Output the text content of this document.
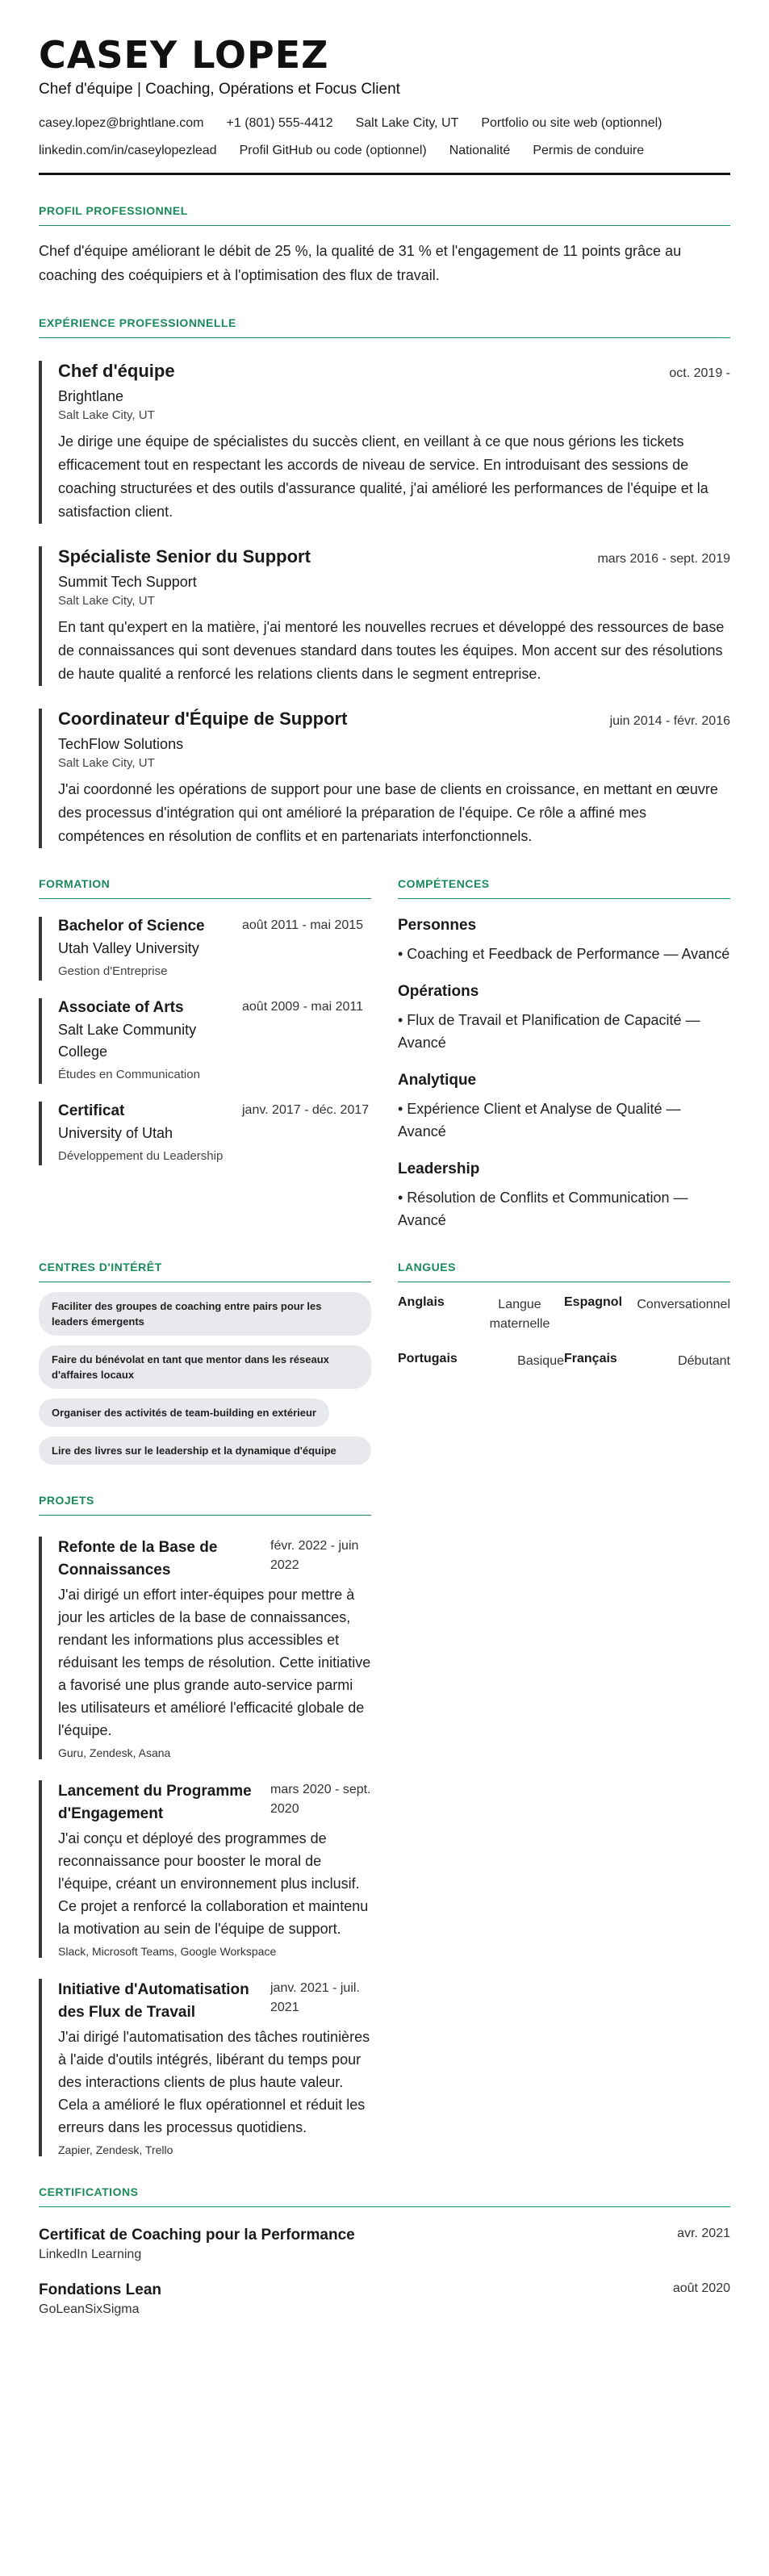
CASEY LOPEZ
Chef d'équipe | Coaching, Opérations et Focus Client
casey.lopez@brightlane.com +1 (801) 555-4412 Salt Lake City, UT Portfolio ou site web (optionnel)
linkedin.com/in/caseylopezlead Profil GitHub ou code (optionnel) Nationalité Permis de conduire
PROFIL PROFESSIONNEL
Chef d'équipe améliorant le débit de 25 %, la qualité de 31 % et l'engagement de 11 points grâce au coaching des coéquipiers et à l'optimisation des flux de travail.
EXPÉRIENCE PROFESSIONNELLE
Chef d'équipe	oct. 2019 -
Brightlane
Salt Lake City, UT
Je dirige une équipe de spécialistes du succès client, en veillant à ce que nous gérions les tickets efficacement tout en respectant les accords de niveau de service. En introduisant des sessions de coaching structurées et des outils d'assurance qualité, j'ai amélioré les performances de l'équipe et la satisfaction client.
Spécialiste Senior du Support	mars 2016 - sept. 2019
Summit Tech Support
Salt Lake City, UT
En tant qu'expert en la matière, j'ai mentoré les nouvelles recrues et développé des ressources de base de connaissances qui sont devenues standard dans toutes les équipes. Mon accent sur des résolutions de haute qualité a renforcé les relations clients dans le segment entreprise.
Coordinateur d'Équipe de Support	juin 2014 - févr. 2016
TechFlow Solutions
Salt Lake City, UT
J'ai coordonné les opérations de support pour une base de clients en croissance, en mettant en œuvre des processus d'intégration qui ont amélioré la préparation de l'équipe. Ce rôle a affiné mes compétences en résolution de conflits et en partenariats interfonctionnels.
FORMATION
Bachelor of Science
Utah Valley University
Gestion d'Entreprise
août 2011 - mai 2015
Associate of Arts
Salt Lake Community College
Études en Communication
août 2009 - mai 2011
Certificat
University of Utah
Développement du Leadership
janv. 2017 - déc. 2017
COMPÉTENCES
Personnes
• Coaching et Feedback de Performance — Avancé
Opérations
• Flux de Travail et Planification de Capacité — Avancé
Analytique
• Expérience Client et Analyse de Qualité — Avancé
Leadership
• Résolution de Conflits et Communication — Avancé
CENTRES D'INTÉRÊT
Faciliter des groupes de coaching entre pairs pour les leaders émergents
Faire du bénévolat en tant que mentor dans les réseaux d'affaires locaux
Organiser des activités de team-building en extérieur
Lire des livres sur le leadership et la dynamique d'équipe
LANGUES
Anglais	Langue maternelle
Espagnol Conversationnel
Portugais	Basique Français	Débutant
PROJETS
Refonte de la Base de Connaissances
févr. 2022 - juin 2022
J'ai dirigé un effort inter-équipes pour mettre à jour les articles de la base de connaissances, rendant les informations plus accessibles et réduisant les temps de résolution. Cette initiative a favorisé une plus grande auto-service parmi les utilisateurs et amélioré l'efficacité globale de l'équipe.
Guru, Zendesk, Asana
Lancement du Programme d'Engagement
mars 2020 - sept. 2020
J'ai conçu et déployé des programmes de reconnaissance pour booster le moral de l'équipe, créant un environnement plus inclusif. Ce projet a renforcé la collaboration et maintenu la motivation au sein de l'équipe de support.
Slack, Microsoft Teams, Google Workspace
Initiative d'Automatisation des Flux de Travail
janv. 2021 - juil. 2021
J'ai dirigé l'automatisation des tâches routinières à l'aide d'outils intégrés, libérant du temps pour des interactions clients de plus haute valeur. Cela a amélioré le flux opérationnel et réduit les erreurs dans les processus quotidiens.
Zapier, Zendesk, Trello
CERTIFICATIONS
Certificat de Coaching pour la Performance	avr. 2021
LinkedIn Learning
Fondations Lean	août 2020
GoLeanSixSigma
